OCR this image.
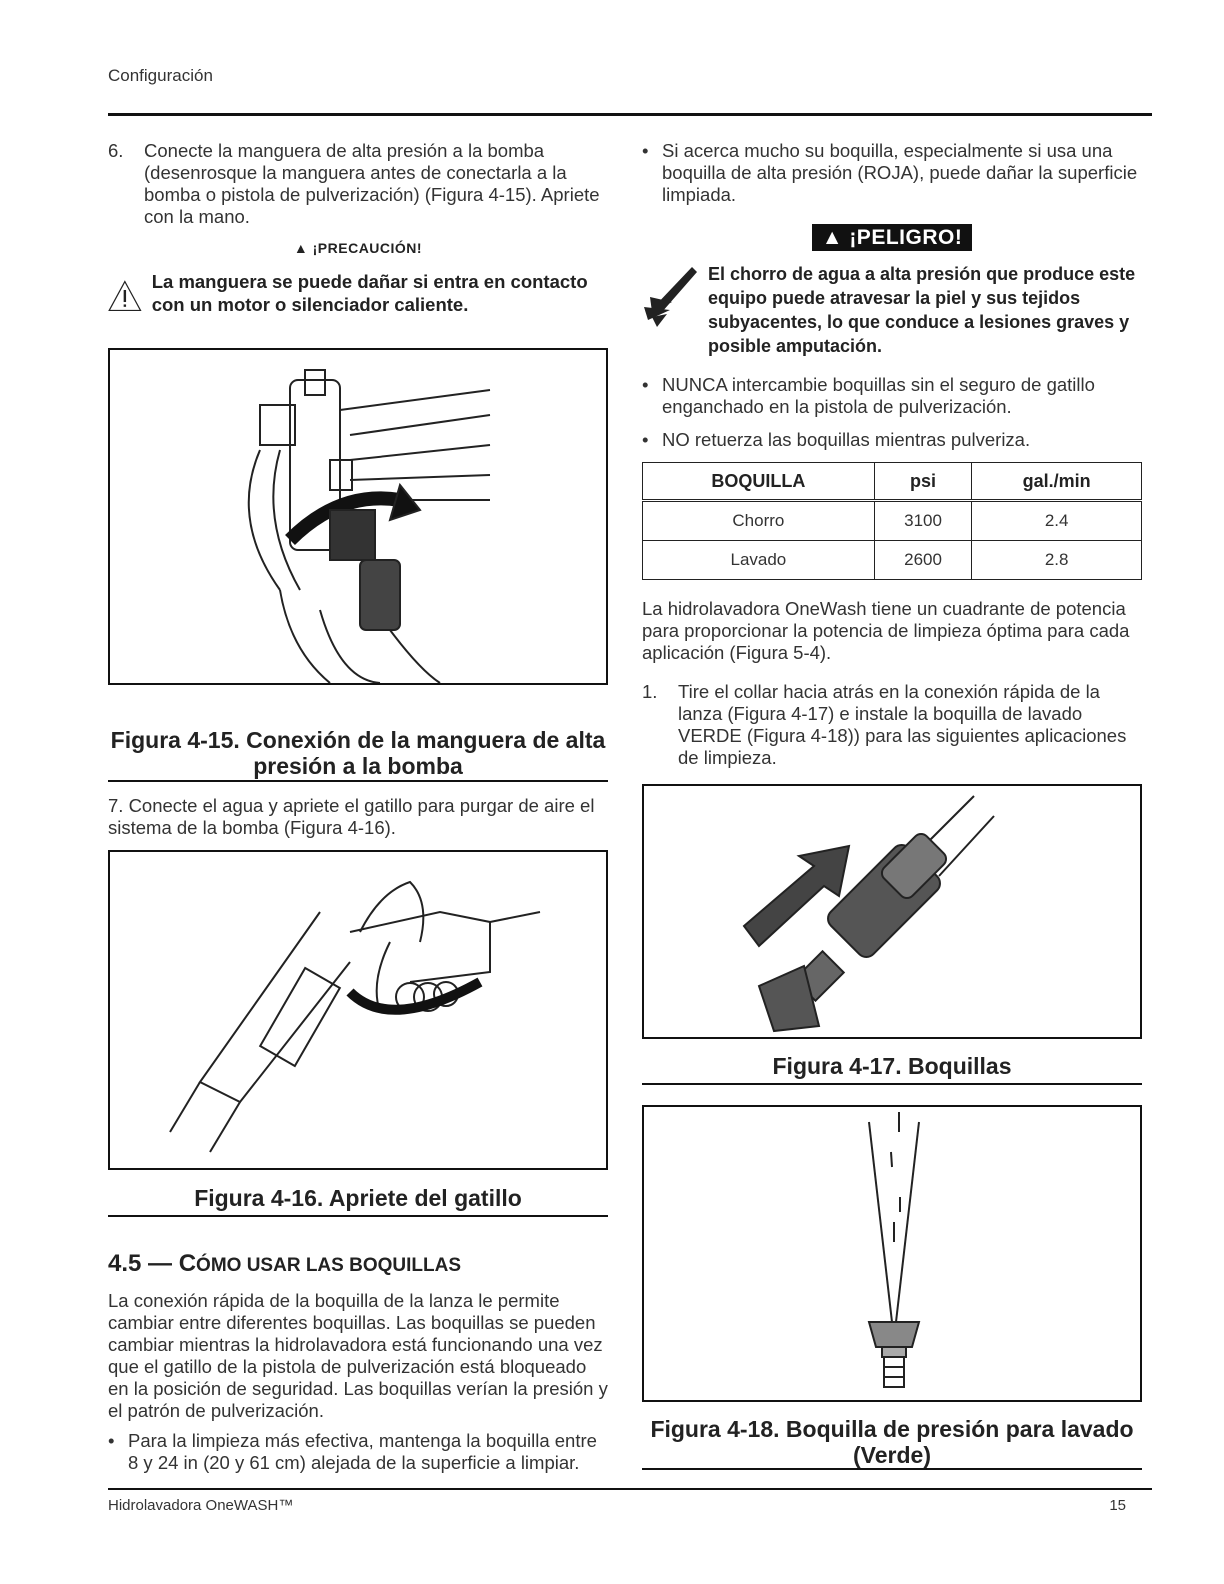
Configuración
6.	Conecte la manguera de alta presión a la bomba (desenrosque la manguera antes de conectarla a la bomba o pistola de pulverización) (Figura 4-15). Apriete con la mano.
▲ ¡PRECAUCIÓN!
La manguera se puede dañar si entra en contacto con un motor o silenciador caliente.
Figura 4-15. Conexión de la manguera de alta presión a la bomba
7. Conecte el agua y apriete el gatillo para purgar de aire el sistema de la bomba (Figura 4-16).
Figura 4-16. Apriete del gatillo
4.5 — CÓMO USAR LAS BOQUILLAS
La conexión rápida de la boquilla de la lanza le permite cambiar entre diferentes boquillas. Las boquillas se pueden cambiar mientras la hidrolavadora está funcionando una vez que el gatillo de la pistola de pulverización está bloqueado en la posición de seguridad. Las boquillas verían la presión y el patrón de pulverización.
• Para la limpieza más efectiva, mantenga la boquilla entre 8 y 24 in (20 y 61 cm) alejada de la superficie a limpiar.
• Si acerca mucho su boquilla, especialmente si usa una boquilla de alta presión (ROJA), puede dañar la superficie limpiada.
▲ ¡PELIGRO!
El chorro de agua a alta presión que produce este equipo puede atravesar la piel y sus tejidos subyacentes, lo que conduce a lesiones graves y posible amputación.
• NUNCA intercambie boquillas sin el seguro de gatillo enganchado en la pistola de pulverización.
• NO retuerza las boquillas mientras pulveriza.
BOQUILLA	psi	gal./min
Chorro	3100	2.4
Lavado	2600	2.8
La hidrolavadora OneWash tiene un cuadrante de potencia para proporcionar la potencia de limpieza óptima para cada aplicación (Figura 5-4).
1.	Tire el collar hacia atrás en la conexión rápida de la lanza (Figura 4-17) e instale la boquilla de lavado VERDE (Figura 4-18)) para las siguientes aplicaciones de limpieza.
Figura 4-17. Boquillas
Figura 4-18. Boquilla de presión para lavado (Verde)
Hidrolavadora OneWASH™	15
